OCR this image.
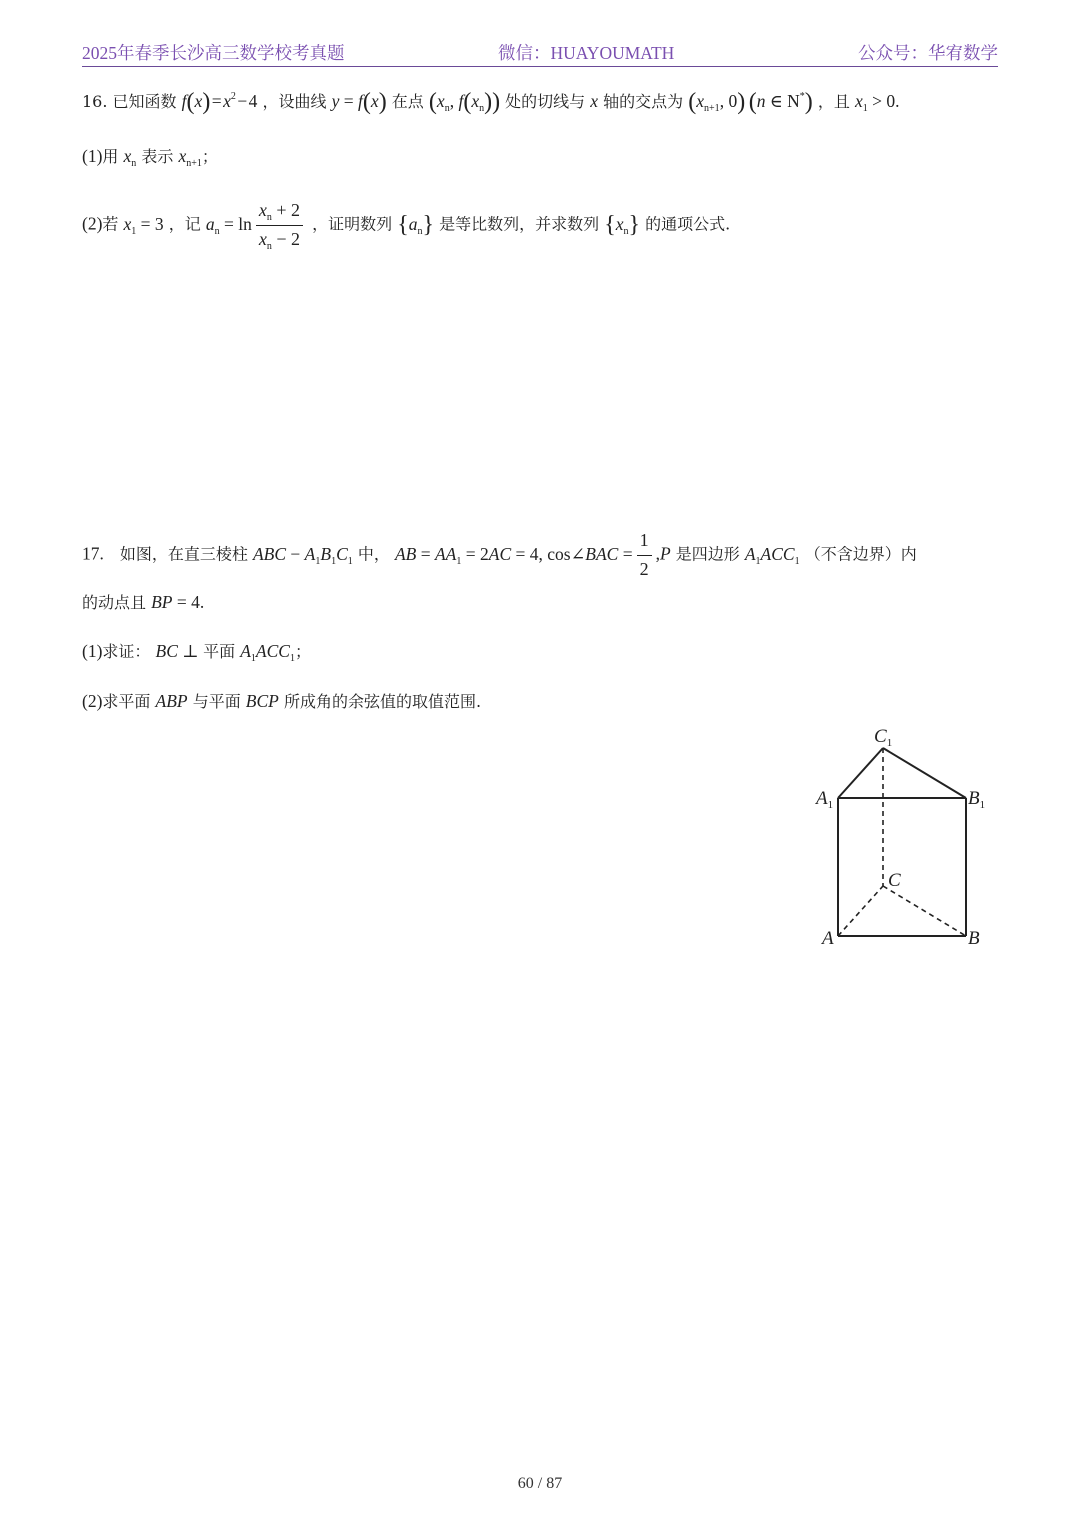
2025年春季长沙高三数学校考真题	微信：HUAYOUMATH	公众号：华宥数学
16. 已知函数 f(x) = $x^2$ − 4 ，设曲线 y = f(x) 在点 ($x_n$, $f(x_n)$) 处的切线与 x 轴的交点为 ($x_{n+1}$, 0)  (n ∈ N*) ，且 $x_1 > 0$.
(1)用 $x_n$ 表示 $x_{n+1}$；
(2)若 $x_1 = 3$ ，记 $a_n = \ln \frac{x_n + 2}{x_n - 2}$ ，证明数列 $\{a_n\}$ 是等比数列，并求数列 $\{x_n\}$ 的通项公式.
17.  如图，在直三棱柱 ABC − $A_1B_1C_1$ 中， AB = $AA_1 = 2AC = 4$, cos∠BAC = $\frac{1}{2} ,P$ 是四边形 $A_1ACC_1$ （不含边界）内
的动点且 BP = 4.
(1)求证： BC ⊥ 平面 $A_1ACC_1$；
(2)求平面 ABP 与平面 BCP 所成角的余弦值的取值范围.
$C_1$
$A_1$	$B_1$
C
A	B
60 / 87
